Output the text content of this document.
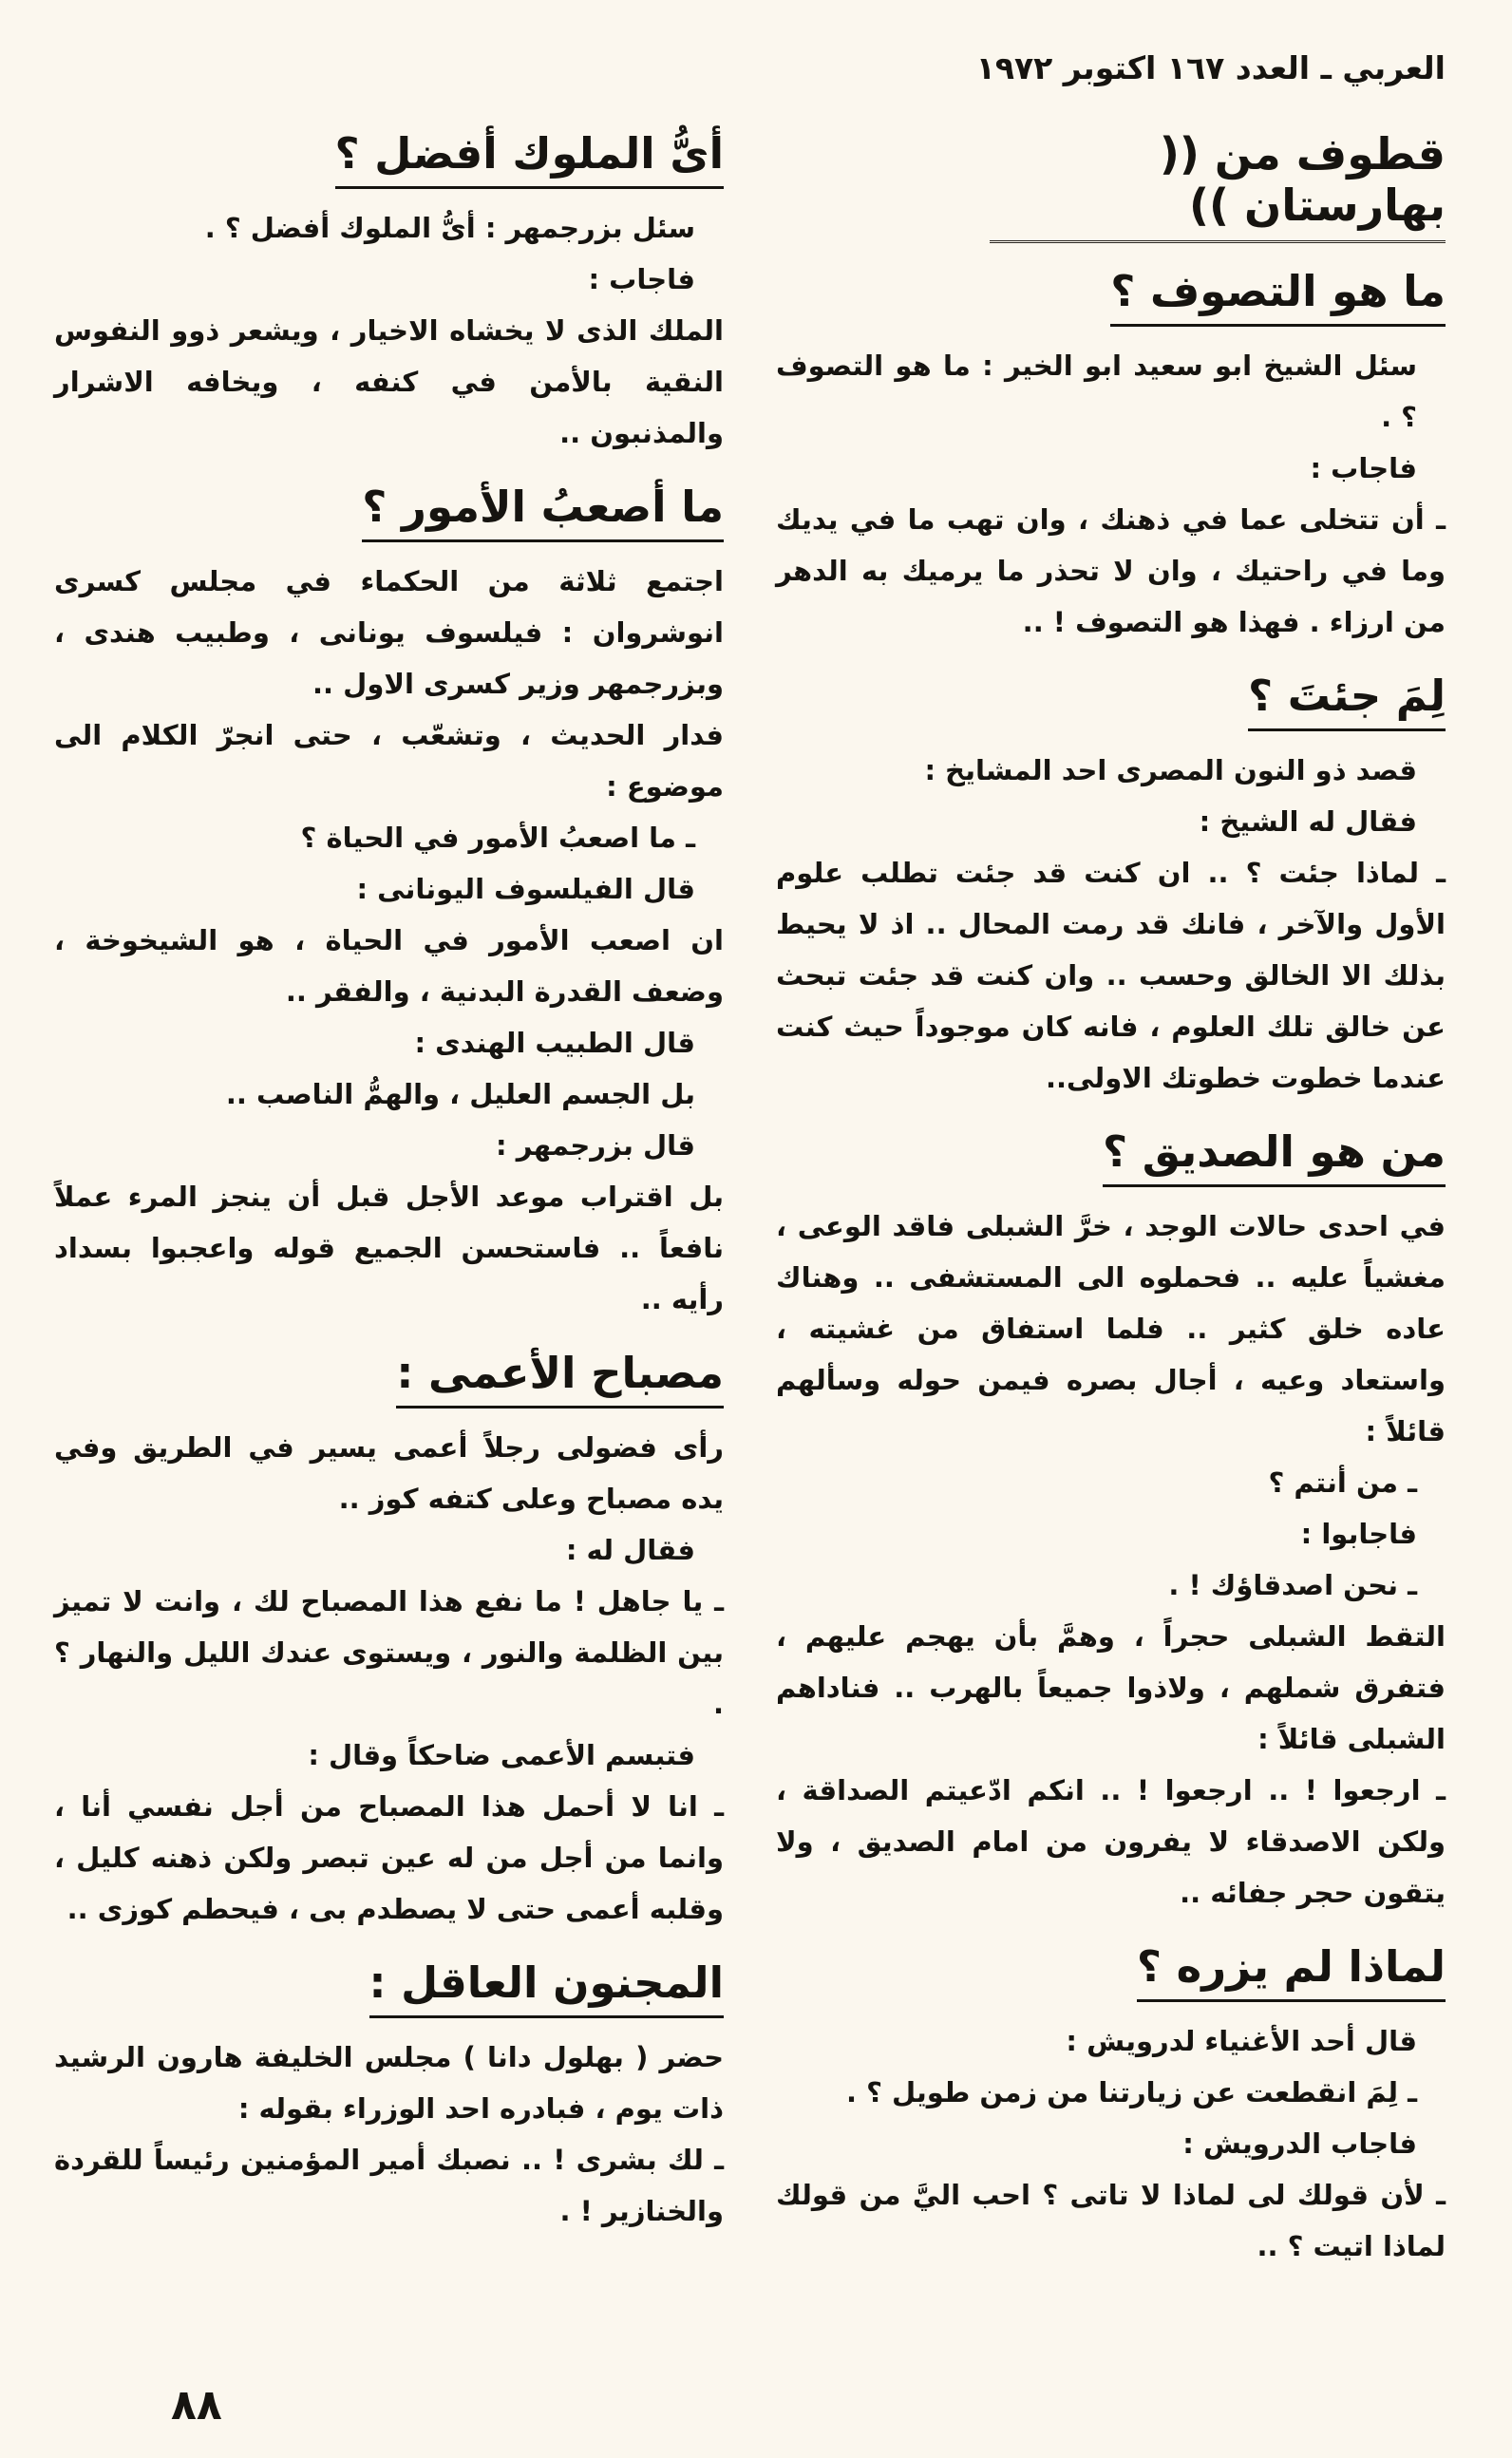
العربي ـ العدد ١٦٧ اكتوبر ١٩٧٢
قطوف من (( بهارستان ))
ما هو التصوف ؟

سئل الشيخ ابو سعيد ابو الخير : ما هو التصوف ؟ .

فاجاب :

ـ أن تتخلى عما في ذهنك ، وان تهب ما في يديك وما في راحتيك ، وان لا تحذر ما يرميك به الدهر من ارزاء . فهذا هو التصوف ! ..

لِمَ جئتَ ؟

قصد ذو النون المصرى احد المشايخ :

فقال له الشيخ :

ـ لماذا جئت ؟ .. ان كنت قد جئت تطلب علوم الأول والآخر ، فانك قد رمت المحال .. اذ لا يحيط بذلك الا الخالق وحسب .. وان كنت قد جئت تبحث عن خالق تلك العلوم ، فانه كان موجوداً حيث كنت عندما خطوت خطوتك الاولى..

من هو الصديق ؟

في احدى حالات الوجد ، خرَّ الشبلى فاقد الوعى ، مغشياً عليه .. فحملوه الى المستشفى .. وهناك عاده خلق كثير .. فلما استفاق من غشيته ، واستعاد وعيه ، أجال بصره فيمن حوله وسألهم قائلاً :

ـ من أنتم ؟

فاجابوا :

ـ نحن اصدقاؤك ! .

التقط الشبلى حجراً ، وهمَّ بأن يهجم عليهم ، فتفرق شملهم ، ولاذوا جميعاً بالهرب .. فناداهم الشبلى قائلاً :

ـ ارجعوا ! .. ارجعوا ! .. انكم ادّعيتم الصداقة ، ولكن الاصدقاء لا يفرون من امام الصديق ، ولا يتقون حجر جفائه ..

لماذا لم يزره ؟

قال أحد الأغنياء لدرويش :

ـ لِمَ انقطعت عن زيارتنا من زمن طويل ؟ .

فاجاب الدرويش :

ـ لأن قولك لى لماذا لا تاتى ؟ احب اليَّ من قولك لماذا اتيت ؟ ..

أىُّ الملوك أفضل ؟

سئل بزرجمهر : أىُّ الملوك أفضل ؟ .

فاجاب :

الملك الذى لا يخشاه الاخيار ، ويشعر ذوو النفوس النقية بالأمن في كنفه ، ويخافه الاشرار والمذنبون ..

ما أصعبُ الأمور ؟

اجتمع ثلاثة من الحكماء في مجلس كسرى انوشروان : فيلسوف يونانى ، وطبيب هندى ، وبزرجمهر وزير كسرى الاول ..

فدار الحديث ، وتشعّب ، حتى انجرّ الكلام الى موضوع :

ـ ما اصعبُ الأمور في الحياة ؟

قال الفيلسوف اليونانى :

ان اصعب الأمور في الحياة ، هو الشيخوخة ، وضعف القدرة البدنية ، والفقر ..

قال الطبيب الهندى :

بل الجسم العليل ، والهمُّ الناصب ..

قال بزرجمهر :

بل اقتراب موعد الأجل قبل أن ينجز المرء عملاً نافعاً .. فاستحسن الجميع قوله واعجبوا بسداد رأيه ..

مصباح الأعمى :

رأى فضولى رجلاً أعمى يسير في الطريق وفي يده مصباح وعلى كتفه كوز ..

فقال له :

ـ يا جاهل ! ما نفع هذا المصباح لك ، وانت لا تميز بين الظلمة والنور ، ويستوى عندك الليل والنهار ؟ .

فتبسم الأعمى ضاحكاً وقال :

ـ انا لا أحمل هذا المصباح من أجل نفسي أنا ، وانما من أجل من له عين تبصر ولكن ذهنه كليل ، وقلبه أعمى حتى لا يصطدم بى ، فيحطم كوزى ..

المجنون العاقل :

حضر ( بهلول دانا ) مجلس الخليفة هارون الرشيد ذات يوم ، فبادره احد الوزراء بقوله :

ـ لك بشرى ! .. نصبك أمير المؤمنين رئيساً للقردة والخنازير ! .

٨٨
